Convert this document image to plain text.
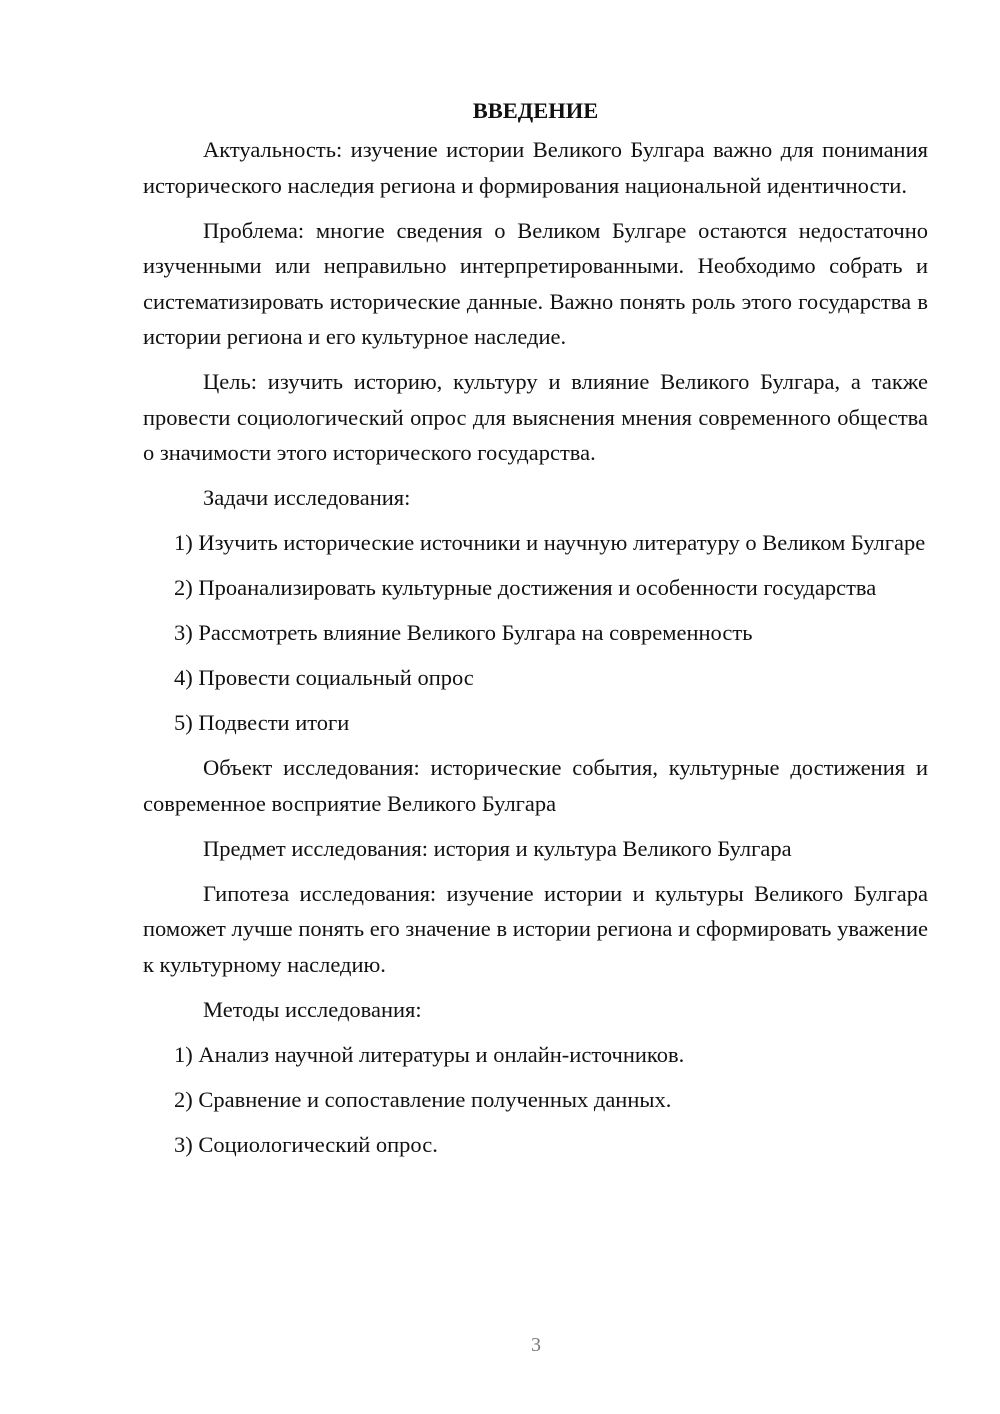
ВВЕДЕНИЕ

Актуальность: изучение истории Великого Булгара важно для понимания исторического наследия региона и формирования национальной идентичности.

Проблема: многие сведения о Великом Булгаре остаются недостаточно изученными или неправильно интерпретированными. Необходимо собрать и систематизировать исторические данные. Важно понять роль этого государства в истории региона и его культурное наследие.

Цель: изучить историю, культуру и влияние Великого Булгара, а также провести социологический опрос для выяснения мнения современного общества о значимости этого исторического государства.

Задачи исследования:

1) Изучить исторические источники и научную литературу о Великом Булгаре

2) Проанализировать культурные достижения и особенности государства

3) Рассмотреть влияние Великого Булгара на современность

4) Провести социальный опрос

5) Подвести итоги

Объект исследования: исторические события, культурные достижения и современное восприятие Великого Булгара

Предмет исследования: история и культура Великого Булгара

Гипотеза исследования: изучение истории и культуры Великого Булгара поможет лучше понять его значение в истории региона и сформировать уважение к культурному наследию.

Методы исследования:

1) Анализ научной литературы и онлайн-источников.

2) Сравнение и сопоставление полученных данных.

3) Социологический опрос.

3
